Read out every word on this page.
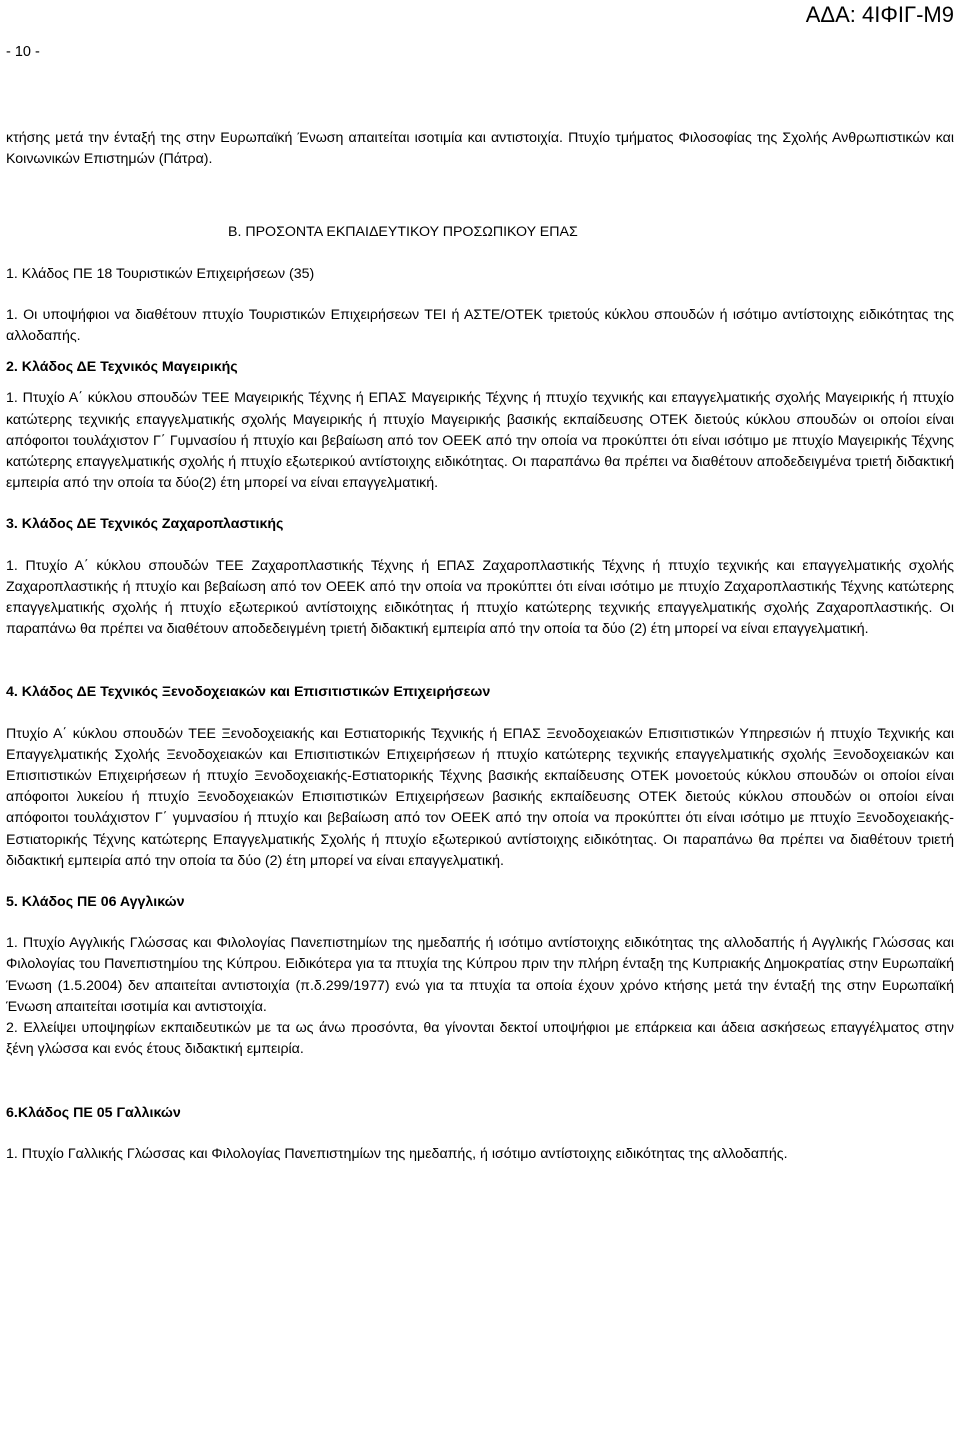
ΑΔΑ: 4ΙΦΙΓ-Μ9
- 10 -

κτήσης μετά την ένταξή της στην Ευρωπαϊκή Ένωση απαιτείται ισοτιμία και αντιστοιχία. Πτυχίο τμήματος Φιλοσοφίας της Σχολής Ανθρωπιστικών και Κοινωνικών Επιστημών (Πάτρα).

Β. ΠΡΟΣΟΝΤΑ ΕΚΠΑΙΔΕΥΤΙΚΟΥ ΠΡΟΣΩΠΙΚΟΥ ΕΠΑΣ

1. Κλάδος ΠΕ 18 Τουριστικών Επιχειρήσεων (35)

1. Οι υποψήφιοι να διαθέτουν πτυχίο Τουριστικών Επιχειρήσεων ΤΕΙ ή ΑΣΤΕ/ΟΤΕΚ τριετούς κύκλου σπουδών ή ισότιμο αντίστοιχης ειδικότητας της αλλοδαπής.

2. Κλάδος ΔΕ Τεχνικός Μαγειρικής

1. Πτυχίο Α΄ κύκλου σπουδών ΤΕΕ Μαγειρικής Τέχνης ή ΕΠΑΣ Μαγειρικής Τέχνης ή πτυχίο τεχνικής και επαγγελματικής σχολής Μαγειρικής ή πτυχίο κατώτερης τεχνικής επαγγελματικής σχολής Μαγειρικής ή πτυχίο Μαγειρικής βασικής εκπαίδευσης ΟΤΕΚ διετούς κύκλου σπουδών οι οποίοι είναι απόφοιτοι τουλάχιστον Γ΄ Γυμνασίου ή πτυχίο και βεβαίωση από τον ΟΕΕΚ από την οποία να προκύπτει ότι είναι ισότιμο με πτυχίο Μαγειρικής Τέχνης κατώτερης επαγγελματικής σχολής ή πτυχίο εξωτερικού αντίστοιχης ειδικότητας. Οι παραπάνω θα πρέπει να διαθέτουν αποδεδειγμένα τριετή διδακτική εμπειρία από την οποία τα δύο(2) έτη μπορεί να είναι επαγγελματική.

3. Κλάδος ΔΕ Τεχνικός Ζαχαροπλαστικής

1. Πτυχίο Α΄ κύκλου σπουδών ΤΕΕ Ζαχαροπλαστικής Τέχνης ή ΕΠΑΣ Ζαχαροπλαστικής Τέχνης ή πτυχίο τεχνικής και επαγγελματικής σχολής Ζαχαροπλαστικής ή πτυχίο και βεβαίωση από τον ΟΕΕΚ από την οποία να προκύπτει ότι είναι ισότιμο με πτυχίο Ζαχαροπλαστικής Τέχνης κατώτερης επαγγελματικής σχολής ή πτυχίο εξωτερικού αντίστοιχης ειδικότητας ή πτυχίο κατώτερης τεχνικής επαγγελματικής σχολής Ζαχαροπλαστικής. Οι παραπάνω θα πρέπει να διαθέτουν αποδεδειγμένη τριετή διδακτική εμπειρία από την οποία τα δύο (2) έτη μπορεί να είναι επαγγελματική.

4. Κλάδος ΔΕ Τεχνικός Ξενοδοχειακών και Επισιτιστικών Επιχειρήσεων

Πτυχίο Α΄ κύκλου σπουδών ΤΕΕ Ξενοδοχειακής και Εστιατορικής Τεχνικής ή ΕΠΑΣ Ξενοδοχειακών Επισιτιστικών Υπηρεσιών ή πτυχίο Τεχνικής και Επαγγελματικής Σχολής Ξενοδοχειακών και Επισιτιστικών Επιχειρήσεων ή πτυχίο κατώτερης τεχνικής επαγγελματικής σχολής Ξενοδοχειακών και Επισιτιστικών Επιχειρήσεων ή πτυχίο Ξενοδοχειακής-Εστιατορικής Τέχνης βασικής εκπαίδευσης ΟΤΕΚ μονοετούς κύκλου σπουδών οι οποίοι είναι απόφοιτοι λυκείου ή πτυχίο Ξενοδοχειακών Επισιτιστικών Επιχειρήσεων βασικής εκπαίδευσης ΟΤΕΚ διετούς κύκλου σπουδών οι οποίοι είναι απόφοιτοι τουλάχιστον Γ΄ γυμνασίου ή πτυχίο και βεβαίωση από τον ΟΕΕΚ από την οποία να προκύπτει ότι είναι ισότιμο με πτυχίο Ξενοδοχειακής-Εστιατορικής Τέχνης κατώτερης Επαγγελματικής Σχολής ή πτυχίο εξωτερικού αντίστοιχης ειδικότητας. Οι παραπάνω θα πρέπει να διαθέτουν τριετή διδακτική εμπειρία από την οποία τα δύο (2) έτη μπορεί να είναι επαγγελματική.

5. Κλάδος ΠΕ 06 Αγγλικών

1. Πτυχίο Αγγλικής Γλώσσας και Φιλολογίας Πανεπιστημίων της ημεδαπής ή ισότιμο αντίστοιχης ειδικότητας της αλλοδαπής ή Αγγλικής Γλώσσας και Φιλολογίας του Πανεπιστημίου της Κύπρου. Ειδικότερα για τα πτυχία της Κύπρου πριν την πλήρη ένταξη της Κυπριακής Δημοκρατίας στην Ευρωπαϊκή Ένωση (1.5.2004) δεν απαιτείται αντιστοιχία (π.δ.299/1977) ενώ για τα πτυχία τα οποία έχουν χρόνο κτήσης μετά την ένταξή της στην Ευρωπαϊκή Ένωση απαιτείται ισοτιμία και αντιστοιχία.

2. Ελλείψει υποψηφίων εκπαιδευτικών με τα ως άνω προσόντα, θα γίνονται δεκτοί υποψήφιοι με επάρκεια και άδεια ασκήσεως επαγγέλματος στην ξένη γλώσσα και ενός έτους διδακτική εμπειρία.

6.Κλάδος ΠΕ 05 Γαλλικών

1. Πτυχίο Γαλλικής Γλώσσας και Φιλολογίας Πανεπιστημίων της ημεδαπής, ή ισότιμο αντίστοιχης ειδικότητας της αλλοδαπής.
